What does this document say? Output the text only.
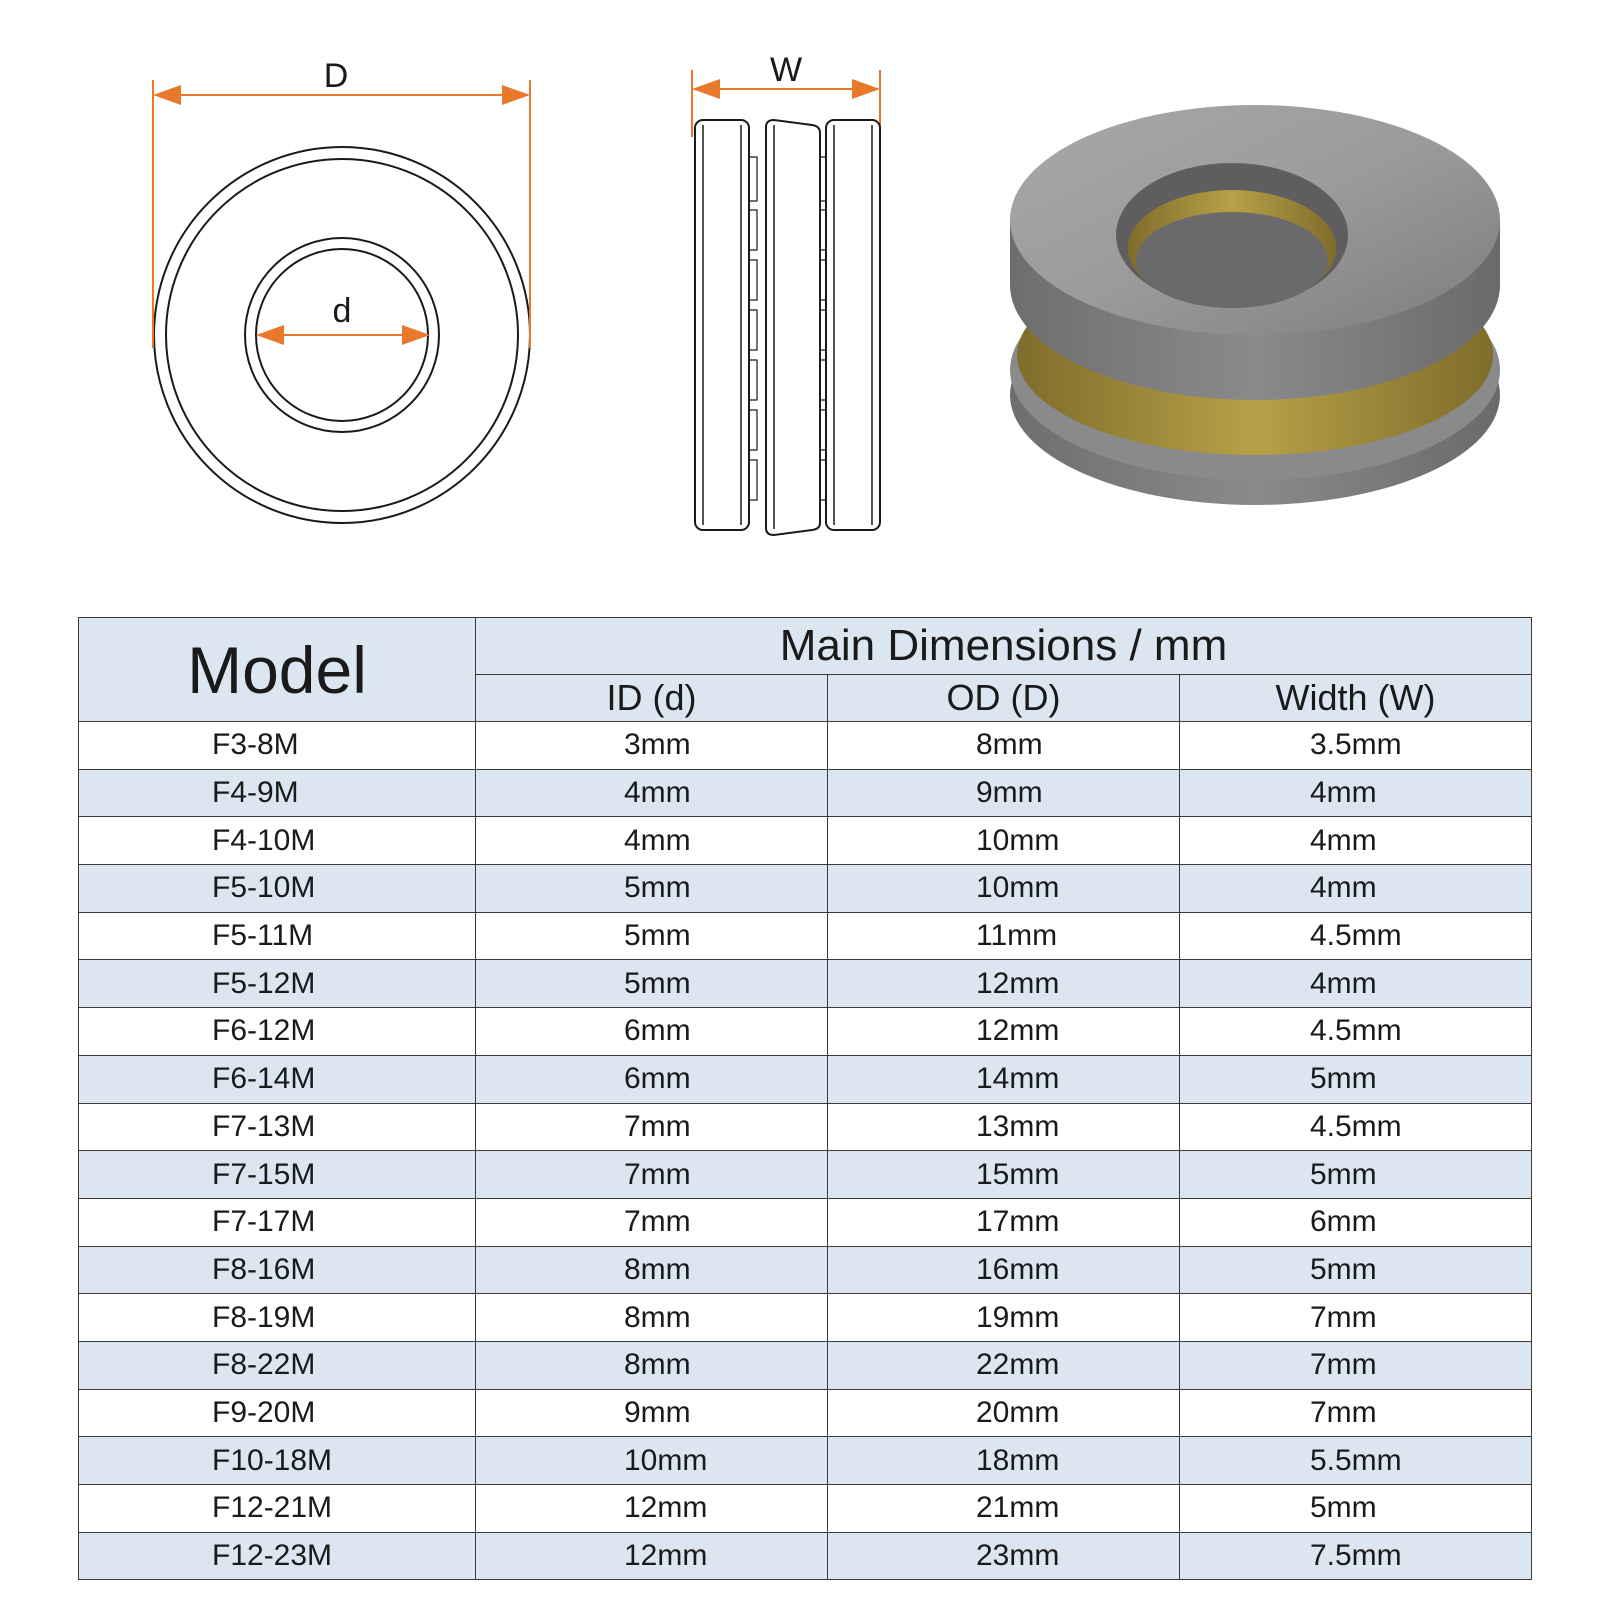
D
d
W
Model	Main Dimensions / mm		
	ID (d)	OD (D)	Width (W)
F3-8M	3mm	8mm	3.5mm
F4-9M	4mm	9mm	4mm
F4-10M	4mm	10mm	4mm
F5-10M	5mm	10mm	4mm
F5-11M	5mm	11mm	4.5mm
F5-12M	5mm	12mm	4mm
F6-12M	6mm	12mm	4.5mm
F6-14M	6mm	14mm	5mm
F7-13M	7mm	13mm	4.5mm
F7-15M	7mm	15mm	5mm
F7-17M	7mm	17mm	6mm
F8-16M	8mm	16mm	5mm
F8-19M	8mm	19mm	7mm
F8-22M	8mm	22mm	7mm
F9-20M	9mm	20mm	7mm
F10-18M	10mm	18mm	5.5mm
F12-21M	12mm	21mm	5mm
F12-23M	12mm	23mm	7.5mm
